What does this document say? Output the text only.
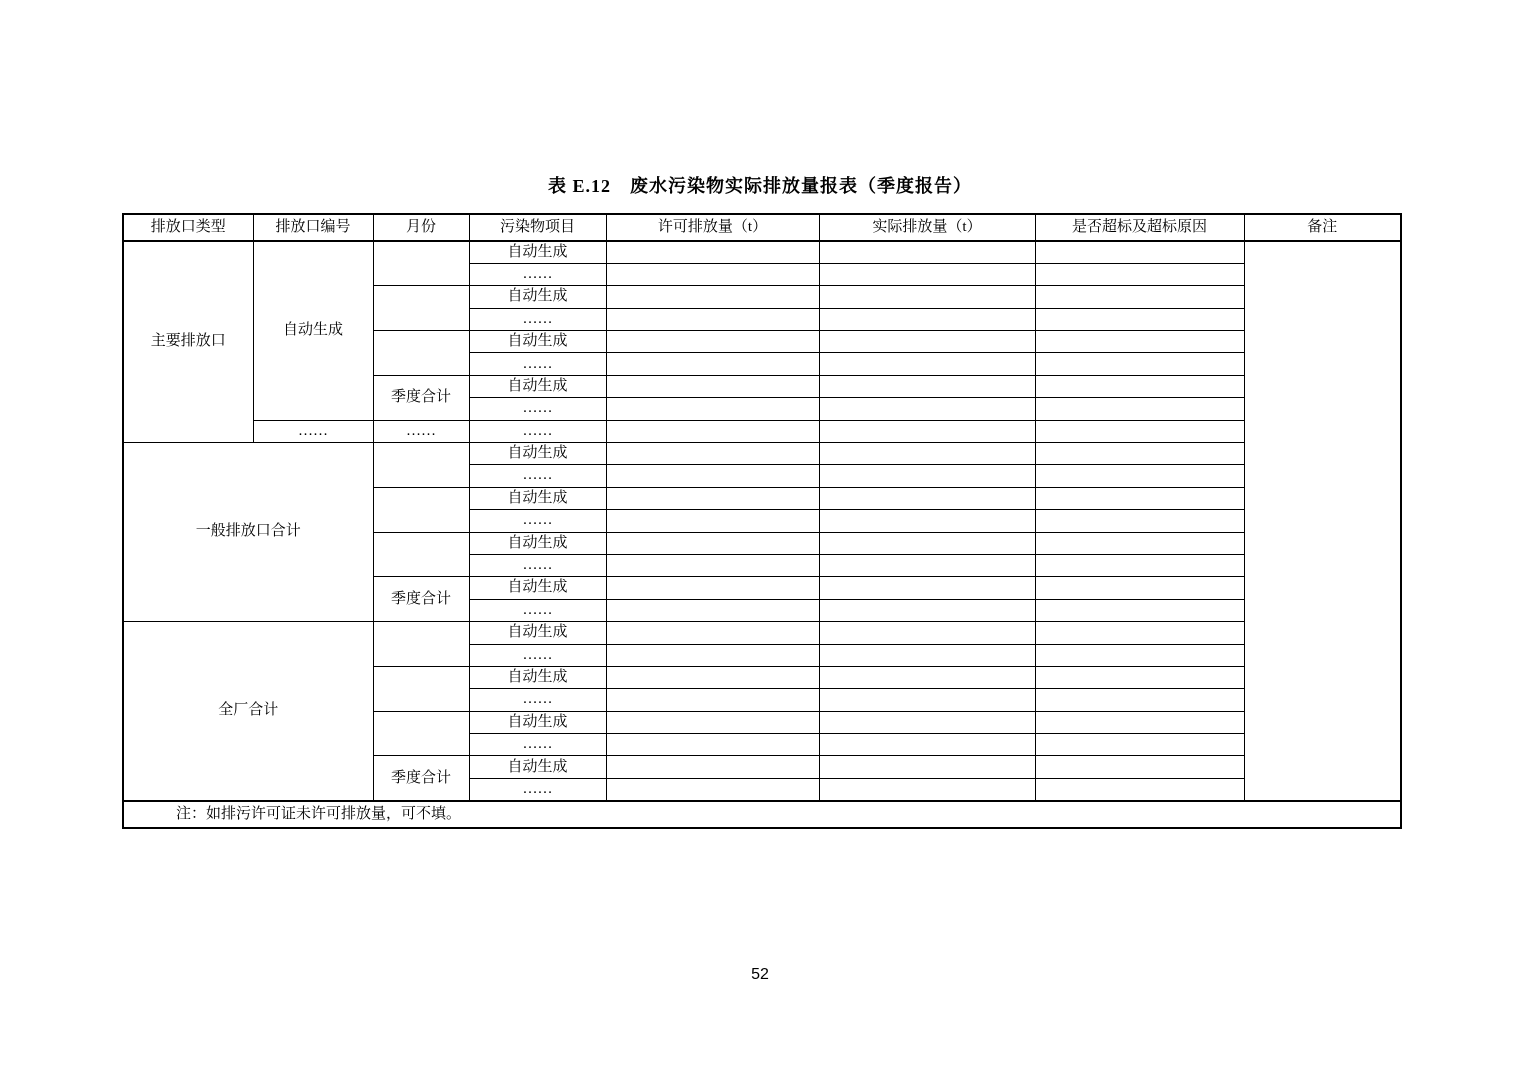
表 E.12　废水污染物实际排放量报表（季度报告）
排放口类型	排放口编号	月份	污染物项目	许可排放量（t）	实际排放量（t）	是否超标及超标原因	备注
主要排放口	自动生成		自动生成				
			……				
			自动生成				
			……				
			自动生成				
			……				
		季度合计	自动生成				
			……				
	……	……	……				
一般排放口合计			自动生成				
			……				
			自动生成				
			……				
			自动生成				
			……				
		季度合计	自动生成				
			……				
全厂合计			自动生成				
			……				
			自动生成				
			……				
			自动生成				
			……				
		季度合计	自动生成				
			……				
注：如排污许可证未许可排放量，可不填。							
52
